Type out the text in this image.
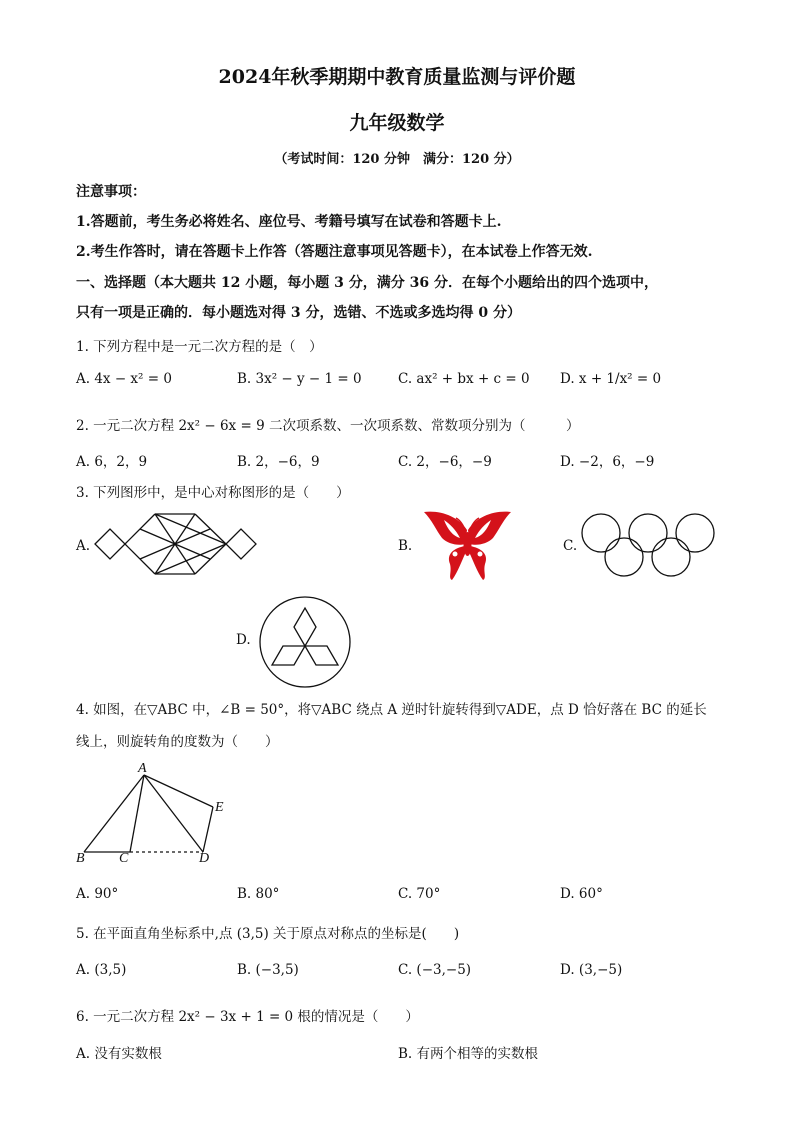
2024年秋季期期中教育质量监测与评价题
九年级数学
（考试时间：120 分钟　满分：120 分）
注意事项：
1.答题前，考生务必将姓名、座位号、考籍号填写在试卷和答题卡上.
2.考生作答时，请在答题卡上作答（答题注意事项见答题卡），在本试卷上作答无效.
一、选择题（本大题共 12 小题，每小题 3 分，满分 36 分．在每个小题给出的四个选项中，
只有一项是正确的．每小题选对得 3 分，选错、不选或多选均得 0 分）
1. 下列方程中是一元二次方程的是（　）
A. 4x − x² = 0	B. 3x² − y − 1 = 0	C. ax² + bx + c = 0 D. x + 1/x² = 0
2. 一元二次方程 2x² − 6x = 9 二次项系数、一次项系数、常数项分别为（　　　）
A. 6，2，9	B. 2，−6，9	C. 2，−6，−9	D. −2，6，−9
3. 下列图形中，是中心对称图形的是（　　）
A.	B.	C.
D.
4. 如图，在▽ABC 中，∠B = 50°，将▽ABC 绕点 A 逆时针旋转得到▽ADE，点 D 恰好落在 BC 的延长
线上，则旋转角的度数为（　　）
A
B C	D
E
A. 90°	B. 80°	C. 70°	D. 60°
5. 在平面直角坐标系中,点 (3,5) 关于原点对称点的坐标是(　　)
A. (3,5)	B. (−3,5)	C. (−3,−5)	D. (3,−5)
6. 一元二次方程 2x² − 3x + 1 = 0 根的情况是（　　）
A. 没有实数根	B. 有两个相等的实数根
